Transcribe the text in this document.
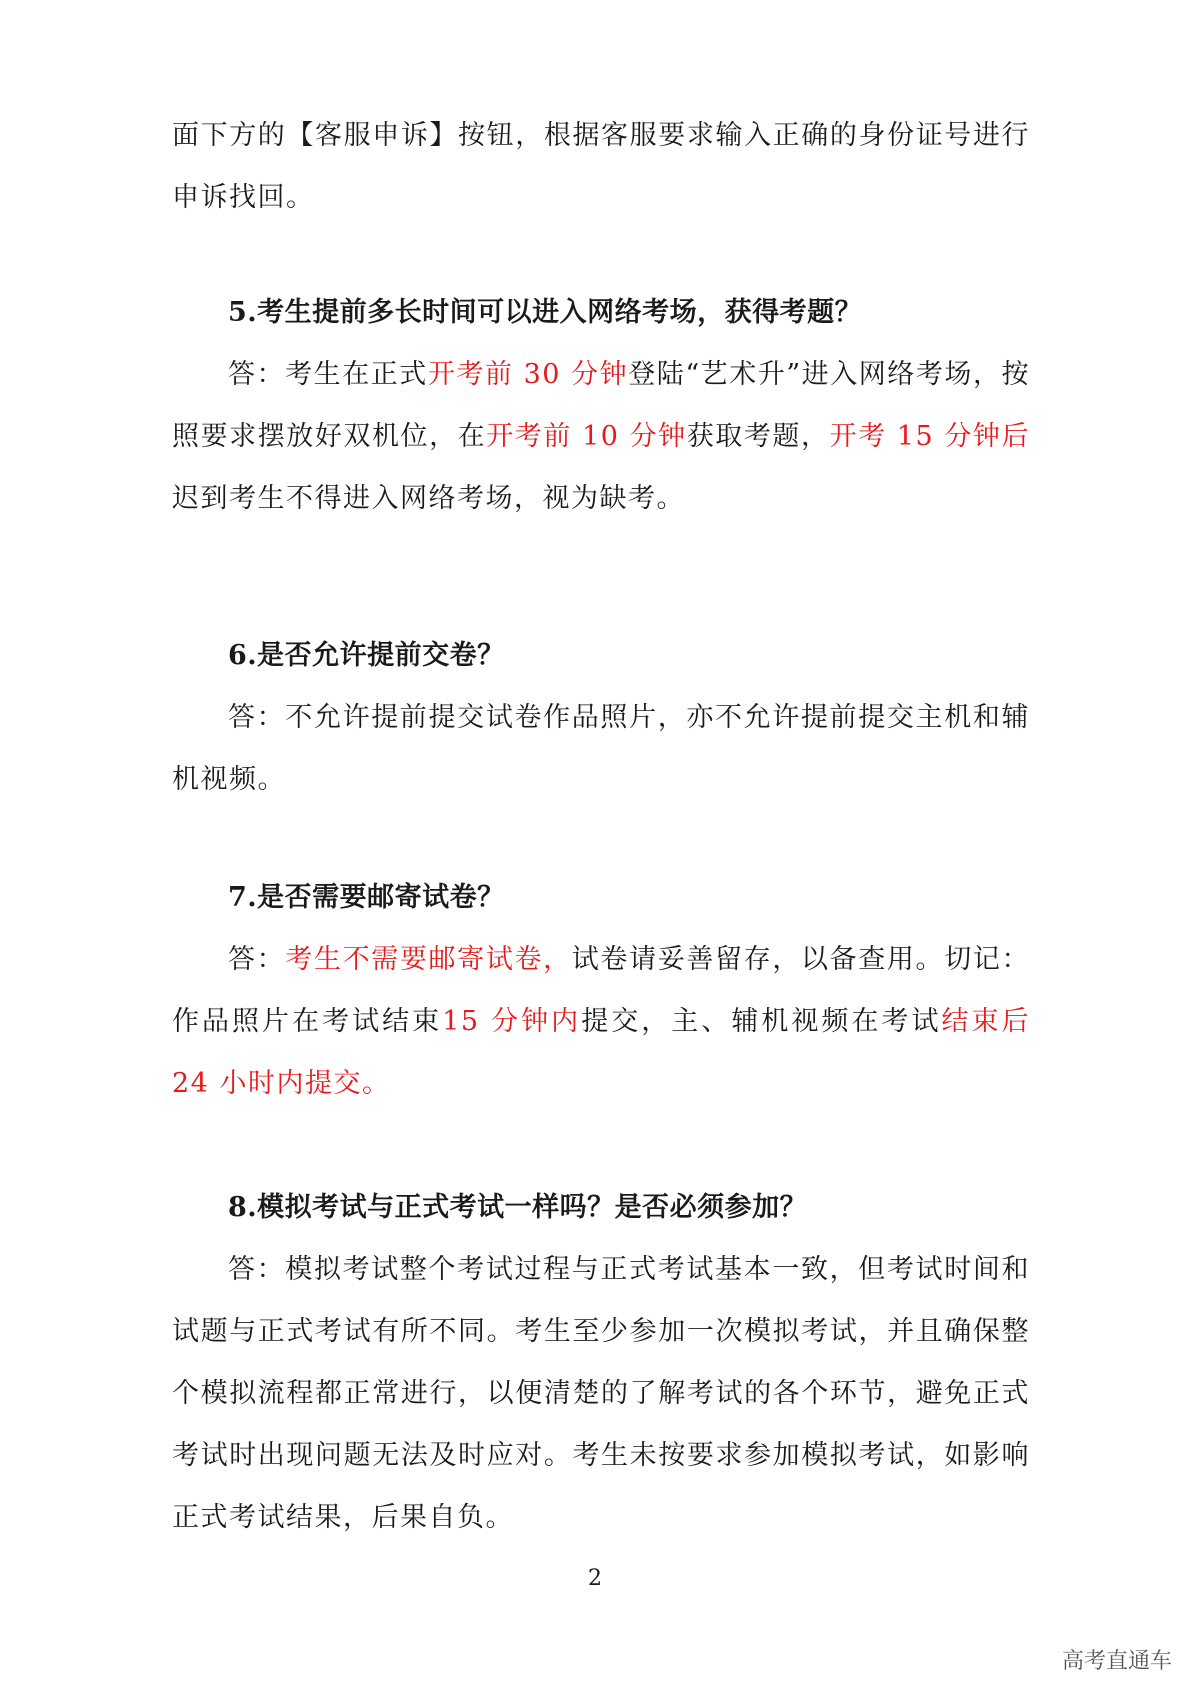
面下方的【客服申诉】按钮，根据客服要求输入正确的身份证号进行申诉找回。

5.考生提前多长时间可以进入网络考场，获得考题？

答：考生在正式开考前 30 分钟登陆“艺术升”进入网络考场，按照要求摆放好双机位，在开考前 10 分钟获取考题，开考 15 分钟后迟到考生不得进入网络考场，视为缺考。

6.是否允许提前交卷？

答：不允许提前提交试卷作品照片，亦不允许提前提交主机和辅机视频。

7.是否需要邮寄试卷？

答：考生不需要邮寄试卷，试卷请妥善留存，以备查用。切记：作品照片在考试结束15 分钟内提交，主、辅机视频在考试结束后 24 小时内提交。

8.模拟考试与正式考试一样吗？是否必须参加？

答：模拟考试整个考试过程与正式考试基本一致，但考试时间和试题与正式考试有所不同。考生至少参加一次模拟考试，并且确保整个模拟流程都正常进行，以便清楚的了解考试的各个环节，避免正式考试时出现问题无法及时应对。考生未按要求参加模拟考试，如影响正式考试结果，后果自负。

2
高考直通车
